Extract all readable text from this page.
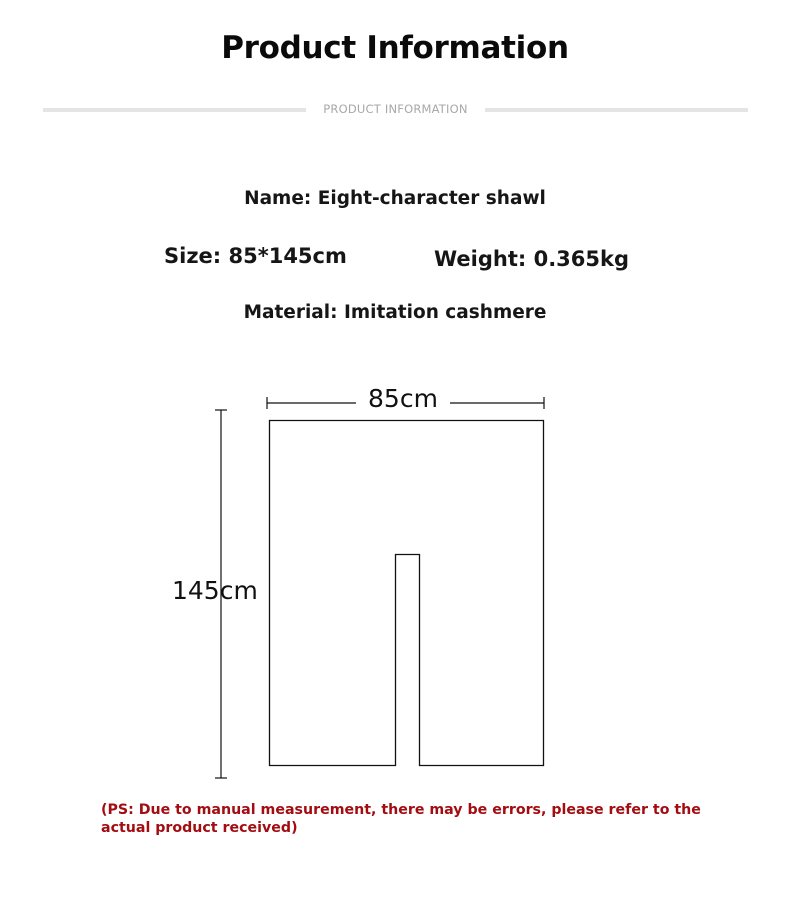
Product Information
PRODUCT INFORMATION
Name: Eight-character shawl
Size: 85*145cm	Weight: 0.365kg
Material: Imitation cashmere
85cm
145cm
(PS: Due to manual measurement, there may be errors, please refer to the actual product received)
